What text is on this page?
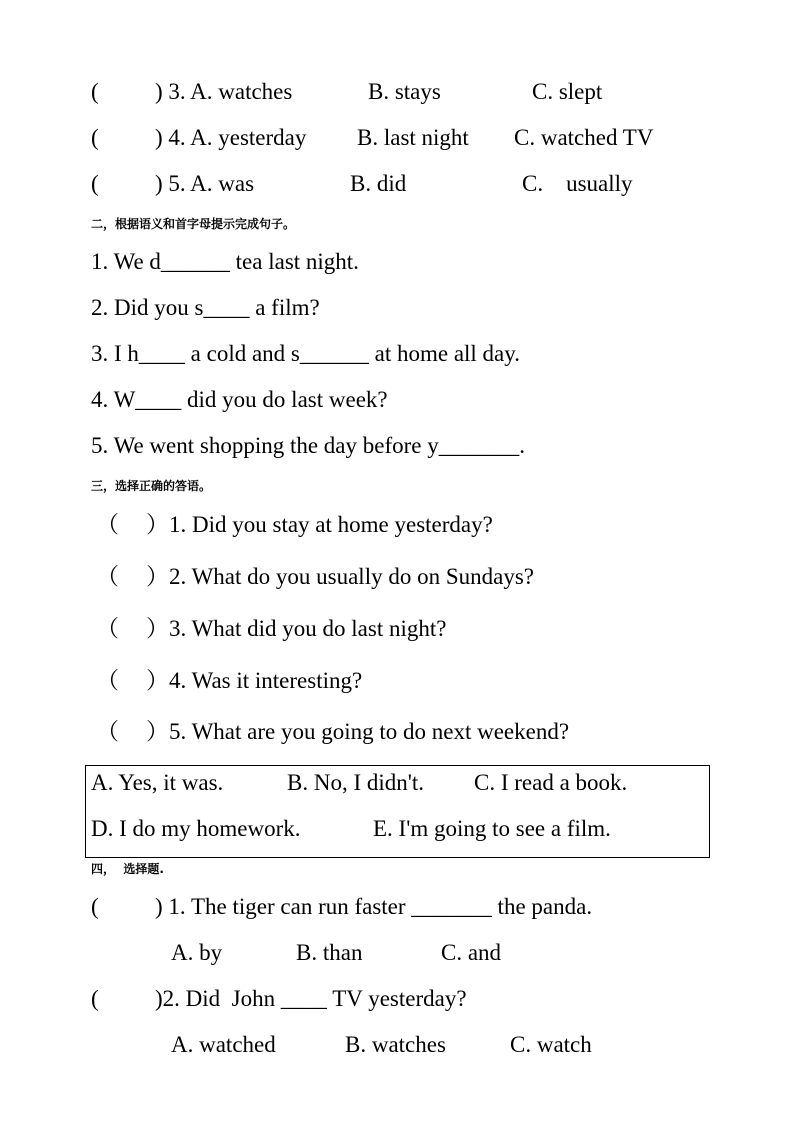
(

) 3. A. watches

	B. stays

	C. slept

(

) 4. A. yesterday

B. last night

C. watched TV

(

) 5. A. was

	B. did

	C.    usually

二，根据语义和首字母提示完成句子。
1. We d______ tea last night.
2. Did you s____ a film?
3. I h____ a cold and s______ at home all day.
4. W____ did you do last week?
5. We went shopping the day before y_______.
三，选择正确的答语。

（

）1. Did you stay at home yesterday?

（

）2. What do you usually do on Sundays?

（

）3. What did you do last night?

（

）4. Was it interesting?

（

）5. What are you going to do next weekend?

A. Yes, it was.

	B. No, I didn't.

C. I read a book.

D. I do my homework.

	E. I'm going to see a film.

四，  选择题.

(

) 1. The tiger can run faster _______ the panda.

A. by

	B. than

	C. and

(

)2. Did  John ____ TV yesterday?

A. watched

	B. watches

	C. watch
